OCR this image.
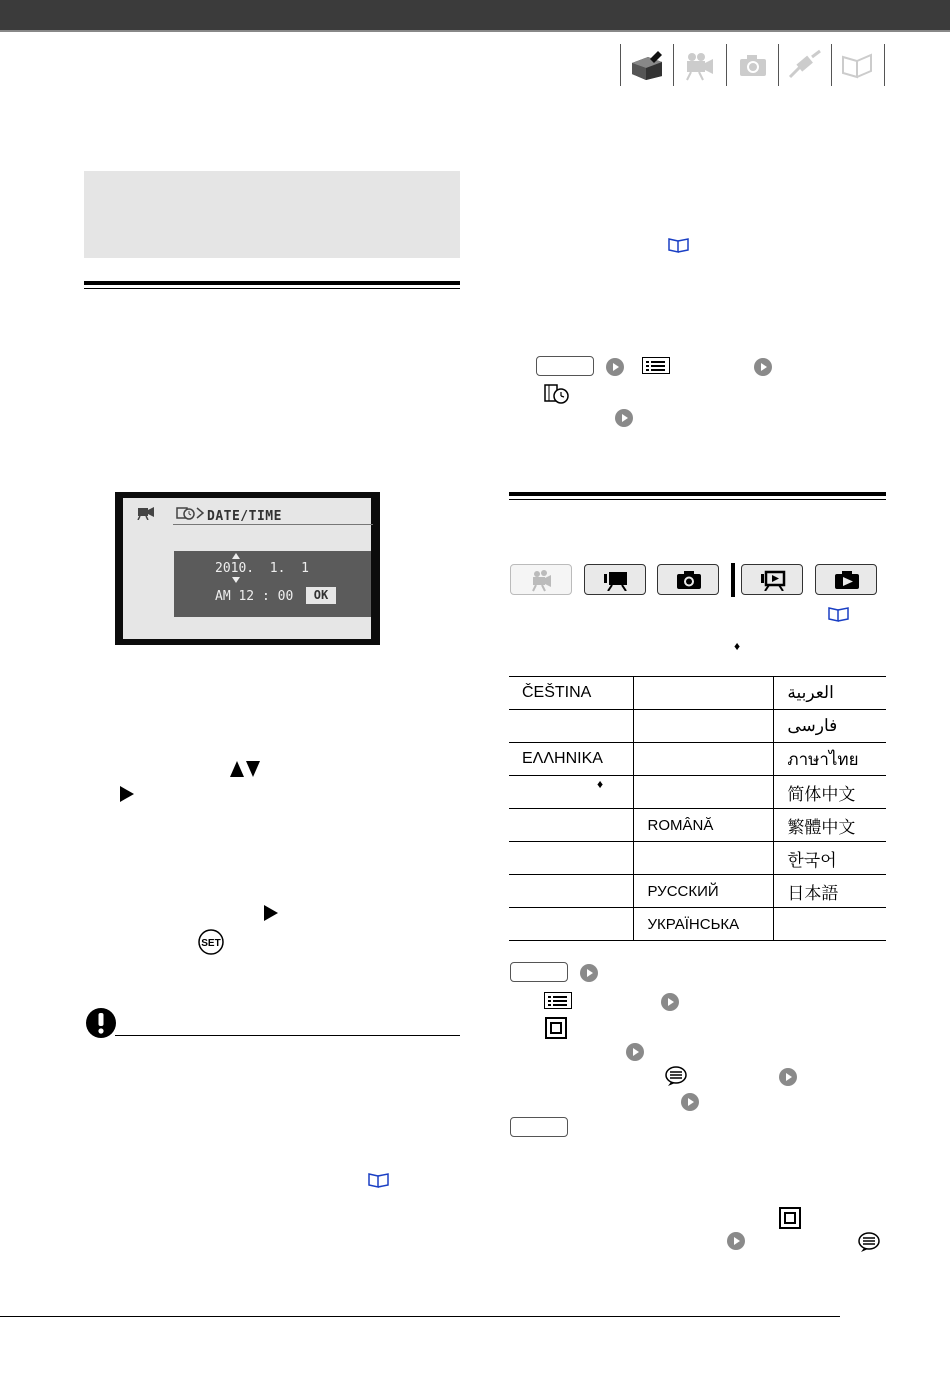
DATE/TIME
2010.  1.  1
AM 12 : 00	OK
SET
♦
ČEŠTINA		العربية
		فارسی
ΕΛΛΗΝΙΚΑ		ภาษาไทย

♦		简体中文
	ROMÂNĂ	繁體中文
		한국어
	РУССКИЙ	日本語
	УКРАЇНСЬКА	
